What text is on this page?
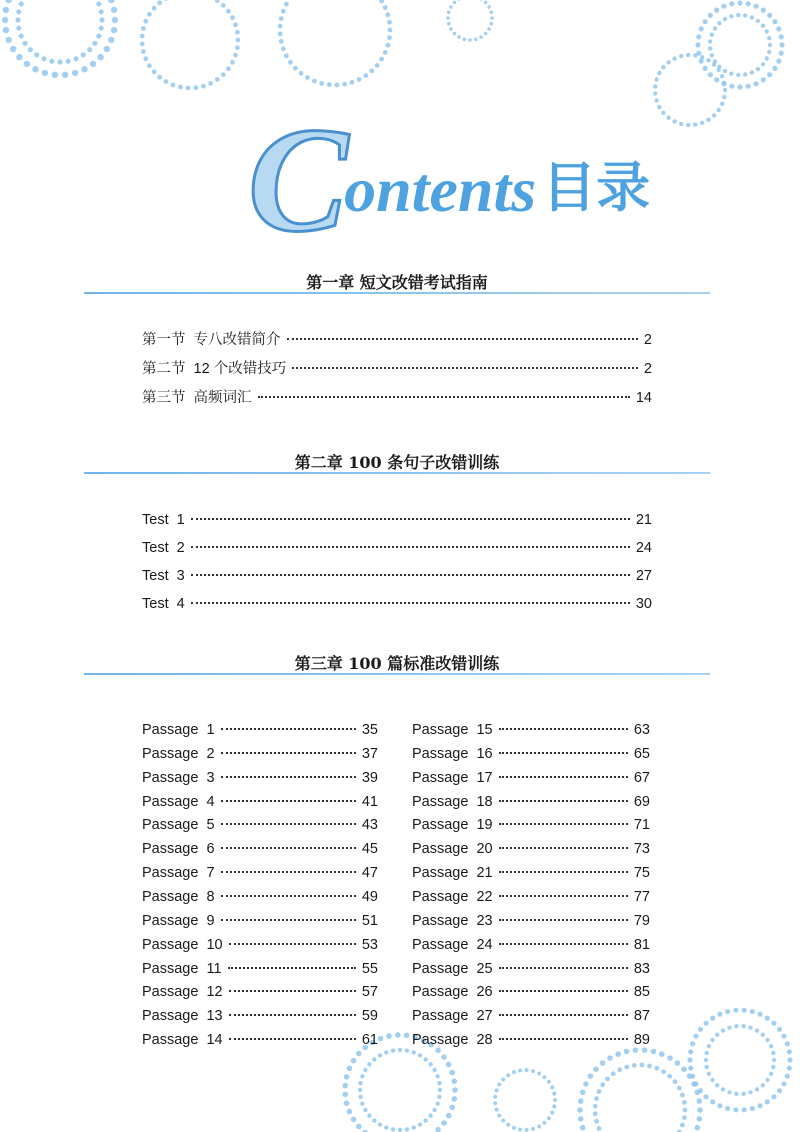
C
ontents 目录
第一章 短文改错考试指南
第一节  专八改错简介	2
第二节  12 个改错技巧	2
第三节  高频词汇	14
第二章 100 条句子改错训练
Test  1	21
Test  2	24
Test  3	27
Test  4	30
第三章 100 篇标准改错训练
Passage  1	35
Passage  2	37
Passage  3	39
Passage  4	41
Passage  5	43
Passage  6	45
Passage  7	47
Passage  8	49
Passage  9	51
Passage  10	53
Passage  11	55
Passage  12	57
Passage  13	59
Passage  14	61
Passage  15	63
Passage  16	65
Passage  17	67
Passage  18	69
Passage  19	71
Passage  20	73
Passage  21	75
Passage  22	77
Passage  23	79
Passage  24	81
Passage  25	83
Passage  26	85
Passage  27	87
Passage  28	89
